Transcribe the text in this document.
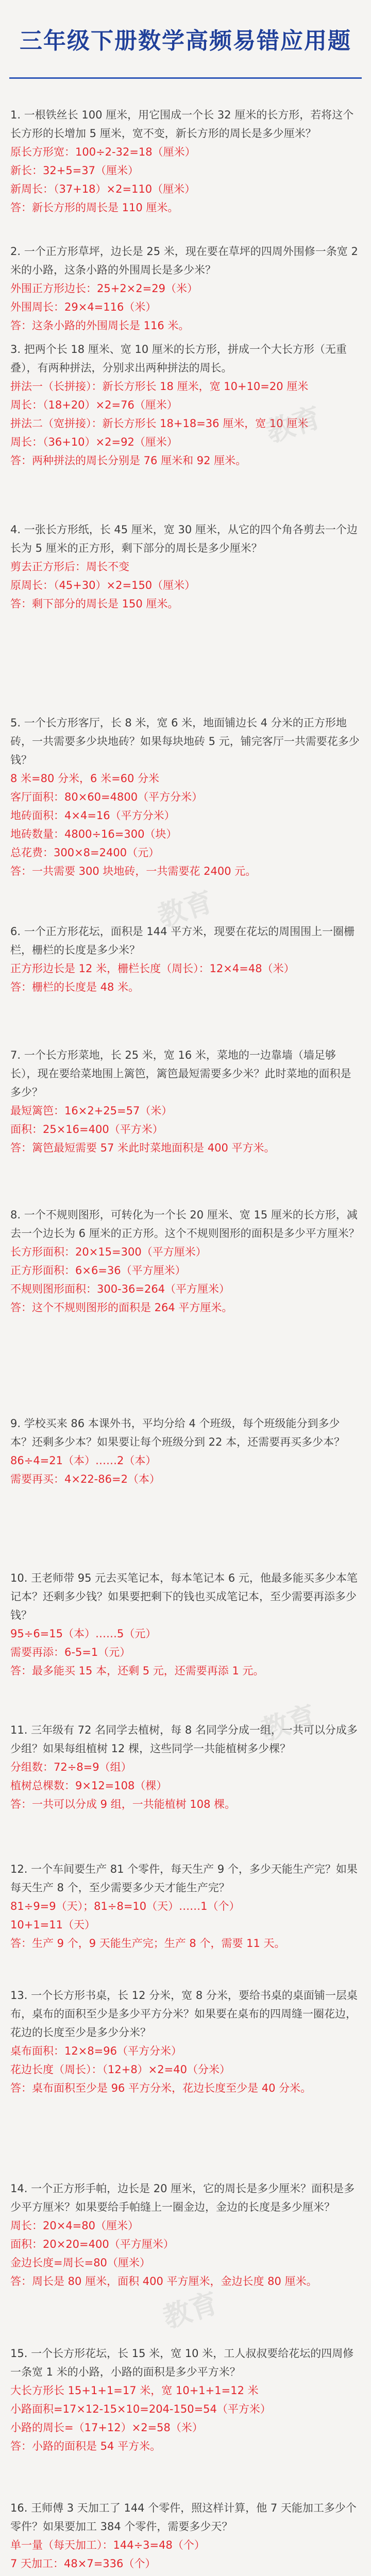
三年级下册数学高频易错应用题
1. 一根铁丝长 100 厘米，用它围成一个长 32 厘米的长方形，若将这个长方形的长增加 5 厘米，宽不变，新长方形的周长是多少厘米？
原长方形宽：100÷2-32=18（厘米）
新长：32+5=37（厘米）
新周长：（37+18）×2=110（厘米）
答：新长方形的周长是 110 厘米。
2. 一个正方形草坪，边长是 25 米，现在要在草坪的四周外围修一条宽 2 米的小路，这条小路的外围周长是多少米？
外围正方形边长：25+2×2=29（米）
外围周长：29×4=116（米）
答：这条小路的外围周长是 116 米。
3. 把两个长 18 厘米、宽 10 厘米的长方形，拼成一个大长方形（无重叠），有两种拼法，分别求出两种拼法的周长。
拼法一（长拼接）：新长方形长 18 厘米，宽 10+10=20 厘米
周长：（18+20）×2=76（厘米）
拼法二（宽拼接）：新长方形长 18+18=36 厘米，宽 10 厘米
周长：（36+10）×2=92（厘米）
答：两种拼法的周长分别是 76 厘米和 92 厘米。
4. 一张长方形纸，长 45 厘米，宽 30 厘米，从它的四个角各剪去一个边长为 5 厘米的正方形，剩下部分的周长是多少厘米？
剪去正方形后：周长不变
原周长：（45+30）×2=150（厘米）
答：剩下部分的周长是 150 厘米。
5. 一个长方形客厅，长 8 米，宽 6 米，地面铺边长 4 分米的正方形地砖，一共需要多少块地砖？如果每块地砖 5 元，铺完客厅一共需要花多少钱？
8 米=80 分米，6 米=60 分米
客厅面积：80×60=4800（平方分米）
地砖面积：4×4=16（平方分米）
地砖数量：4800÷16=300（块）
总花费：300×8=2400（元）
答：一共需要 300 块地砖，一共需要花 2400 元。
6. 一个正方形花坛，面积是 144 平方米，现要在花坛的周围围上一圈栅栏，栅栏的长度是多少米？
正方形边长是 12 米，栅栏长度（周长）：12×4=48（米）
答：栅栏的长度是 48 米。
7. 一个长方形菜地，长 25 米，宽 16 米，菜地的一边靠墙（墙足够长），现在要给菜地围上篱笆，篱笆最短需要多少米？此时菜地的面积是多少？
最短篱笆：16×2+25=57（米）
面积：25×16=400（平方米）
答：篱笆最短需要 57 米此时菜地面积是 400 平方米。
8. 一个不规则图形，可转化为一个长 20 厘米、宽 15 厘米的长方形，减去一个边长为 6 厘米的正方形。这个不规则图形的面积是多少平方厘米？
长方形面积：20×15=300（平方厘米）
正方形面积：6×6=36（平方厘米）
不规则图形面积：300-36=264（平方厘米）
答：这个不规则图形的面积是 264 平方厘米。
9. 学校买来 86 本课外书，平均分给 4 个班级，每个班级能分到多少本？还剩多少本？如果要让每个班级分到 22 本，还需要再买多少本？
86÷4=21（本）……2（本）
需要再买：4×22-86=2（本）
10. 王老师带 95 元去买笔记本，每本笔记本 6 元，他最多能买多少本笔记本？还剩多少钱？如果要把剩下的钱也买成笔记本，至少需要再添多少钱？
95÷6=15（本）……5（元）
需要再添：6-5=1（元）
答：最多能买 15 本，还剩 5 元，还需要再添 1 元。
11. 三年级有 72 名同学去植树，每 8 名同学分成一组，一共可以分成多少组？如果每组植树 12 棵，这些同学一共能植树多少棵？
分组数：72÷8=9（组）
植树总棵数：9×12=108（棵）
答：一共可以分成 9 组，一共能植树 108 棵。
12. 一个车间要生产 81 个零件，每天生产 9 个，多少天能生产完？如果每天生产 8 个，至少需要多少天才能生产完？
81÷9=9（天）；81÷8=10（天）……1（个）
10+1=11（天）
答：生产 9 个，9 天能生产完；生产 8 个，需要 11 天。
13. 一个长方形书桌，长 12 分米，宽 8 分米，要给书桌的桌面铺一层桌布，桌布的面积至少是多少平方分米？如果要在桌布的四周缝一圈花边，花边的长度至少是多少分米？
桌布面积：12×8=96（平方分米）
花边长度（周长）：（12+8）×2=40（分米）
答：桌布面积至少是 96 平方分米，花边长度至少是 40 分米。
14. 一个正方形手帕，边长是 20 厘米，它的周长是多少厘米？面积是多少平方厘米？如果要给手帕缝上一圈金边，金边的长度是多少厘米？
周长：20×4=80（厘米）
面积：20×20=400（平方厘米）
金边长度=周长=80（厘米）
答：周长是 80 厘米，面积 400 平方厘米，金边长度 80 厘米。
15. 一个长方形花坛，长 15 米，宽 10 米，工人叔叔要给花坛的四周修一条宽 1 米的小路，小路的面积是多少平方米？
大长方形长 15+1+1=17 米，宽 10+1+1=12 米
小路面积=17×12-15×10=204-150=54（平方米）
小路的周长=（17+12）×2=58（米）
答：小路的面积是 54 平方米。
16. 王师傅 3 天加工了 144 个零件，照这样计算，他 7 天能加工多少个零件？如果要加工 384 个零件，需要多少天？
单一量（每天加工）：144÷3=48（个）
7 天加工：48×7=336（个）
教育
教育
教育
教育
